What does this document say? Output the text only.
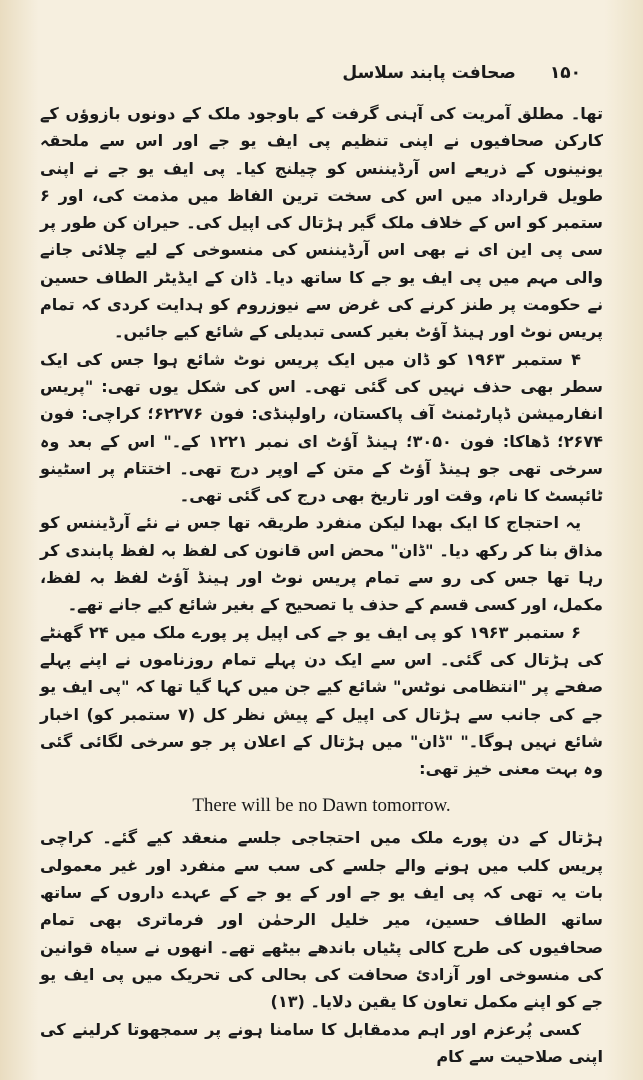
۱۵۰
صحافت پابند سلاسل

تھا۔ مطلق آمریت کی آہنی گرفت کے باوجود ملک کے دونوں بازوؤں کے کارکن صحافیوں نے اپنی تنظیم پی ایف یو جے اور اس سے ملحقہ یونینوں کے ذریعے اس آرڈیننس کو چیلنج کیا۔ پی ایف یو جے نے اپنی طویل قرارداد میں اس کی سخت ترین الفاظ میں مذمت کی، اور ۶ ستمبر کو اس کے خلاف ملک گیر ہڑتال کی اپیل کی۔ حیران کن طور پر سی پی این ای نے بھی اس آرڈیننس کی منسوخی کے لیے چلائی جانے والی مہم میں پی ایف یو جے کا ساتھ دیا۔ ڈان کے ایڈیٹر الطاف حسین نے حکومت پر طنز کرنے کی غرض سے نیوزروم کو ہدایت کردی کہ تمام پریس نوٹ اور ہینڈ آؤٹ بغیر کسی تبدیلی کے شائع کیے جائیں۔

۴ ستمبر ۱۹۶۳ کو ڈان میں ایک پریس نوٹ شائع ہوا جس کی ایک سطر بھی حذف نہیں کی گئی تھی۔ اس کی شکل یوں تھی: "پریس انفارمیشن ڈپارٹمنٹ آف پاکستان، راولپنڈی: فون ۶۲۲۷۶؛ کراچی: فون ۲۶۷۴؛ ڈھاکا: فون ۳۰۵۰؛ ہینڈ آؤٹ ای نمبر ۱۲۲۱ کے۔" اس کے بعد وہ سرخی تھی جو ہینڈ آؤٹ کے متن کے اوپر درج تھی۔ اختتام پر اسٹینو ٹائپسٹ کا نام، وقت اور تاریخ بھی درج کی گئی تھی۔

یہ احتجاج کا ایک بھدا لیکن منفرد طریقہ تھا جس نے نئے آرڈیننس کو مذاق بنا کر رکھ دیا۔ "ڈان" محض اس قانون کی لفظ بہ لفظ پابندی کر رہا تھا جس کی رو سے تمام پریس نوٹ اور ہینڈ آؤٹ لفظ بہ لفظ، مکمل، اور کسی قسم کے حذف یا تصحیح کے بغیر شائع کیے جانے تھے۔

۶ ستمبر ۱۹۶۳ کو پی ایف یو جے کی اپیل پر پورے ملک میں ۲۴ گھنٹے کی ہڑتال کی گئی۔ اس سے ایک دن پہلے تمام روزناموں نے اپنے پہلے صفحے پر "انتظامی نوٹس" شائع کیے جن میں کہا گیا تھا کہ "پی ایف یو جے کی جانب سے ہڑتال کی اپیل کے پیش نظر کل (۷ ستمبر کو) اخبار شائع نہیں ہوگا۔" "ڈان" میں ہڑتال کے اعلان پر جو سرخی لگائی گئی وہ بہت معنی خیز تھی:

There will be no Dawn tomorrow.

ہڑتال کے دن پورے ملک میں احتجاجی جلسے منعقد کیے گئے۔ کراچی پریس کلب میں ہونے والے جلسے کی سب سے منفرد اور غیر معمولی بات یہ تھی کہ پی ایف یو جے اور کے یو جے کے عہدے داروں کے ساتھ ساتھ الطاف حسین، میر خلیل الرحمٰن اور فرماتری بھی تمام صحافیوں کی طرح کالی پٹیاں باندھے بیٹھے تھے۔ انھوں نے سیاہ قوانین کی منسوخی اور آزادیٔ صحافت کی بحالی کی تحریک میں پی ایف یو جے کو اپنے مکمل تعاون کا یقین دلایا۔ (۱۳)

کسی پُرعزم اور اہم مدمقابل کا سامنا ہونے پر سمجھوتا کرلینے کی اپنی صلاحیت سے کام
